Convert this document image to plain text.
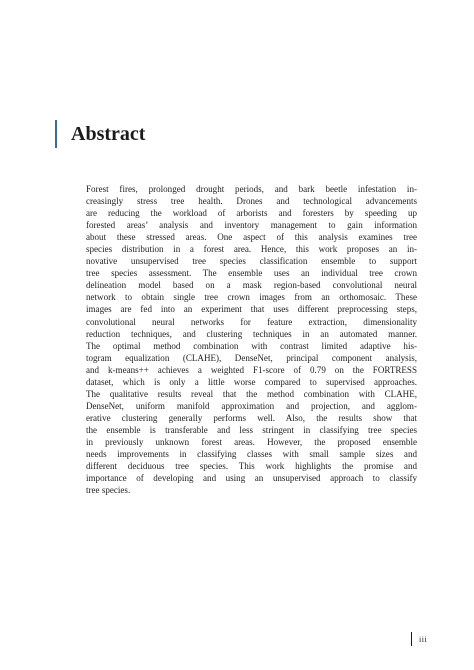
Abstract
Forest fires, prolonged drought periods, and bark beetle infestation in-
creasingly stress tree health. Drones and technological advancements
are reducing the workload of arborists and foresters by speeding up
forested areas’ analysis and inventory management to gain information
about these stressed areas. One aspect of this analysis examines tree
species distribution in a forest area. Hence, this work proposes an in-
novative unsupervised tree species classification ensemble to support
tree species assessment. The ensemble uses an individual tree crown
delineation model based on a mask region-based convolutional neural
network to obtain single tree crown images from an orthomosaic. These
images are fed into an experiment that uses different preprocessing steps,
convolutional neural networks for feature extraction, dimensionality
reduction techniques, and clustering techniques in an automated manner.
The optimal method combination with contrast limited adaptive his-
togram equalization (CLAHE), DenseNet, principal component analysis,
and k-means++ achieves a weighted F1-score of 0.79 on the FORTRESS
dataset, which is only a little worse compared to supervised approaches.
The qualitative results reveal that the method combination with CLAHE,
DenseNet, uniform manifold approximation and projection, and agglom-
erative clustering generally performs well. Also, the results show that
the ensemble is transferable and less stringent in classifying tree species
in previously unknown forest areas. However, the proposed ensemble
needs improvements in classifying classes with small sample sizes and
different deciduous tree species. This work highlights the promise and
importance of developing and using an unsupervised approach to classify
tree species.
iii
